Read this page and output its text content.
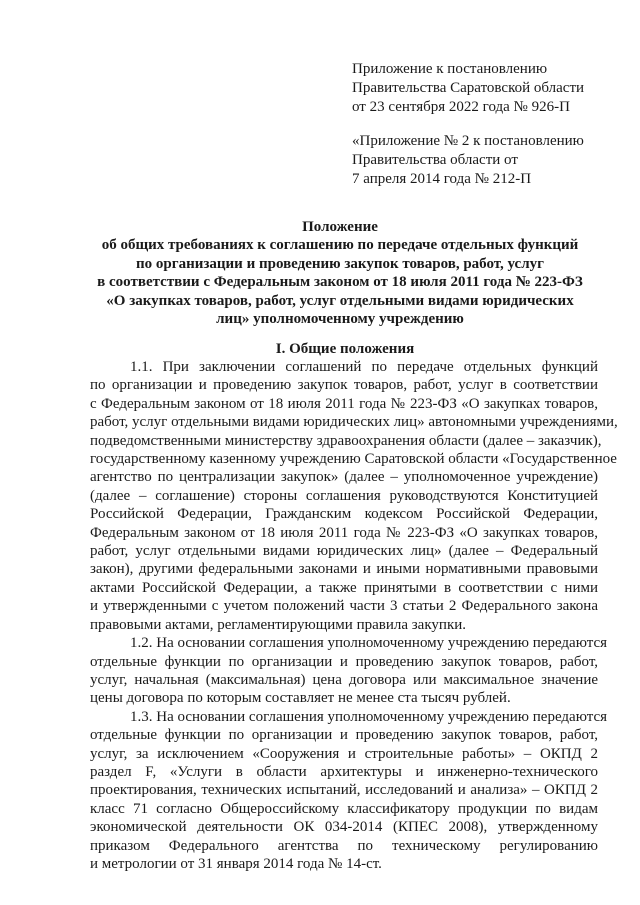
Приложение к постановлению
Правительства Саратовской области
от 23 сентября 2022 года № 926-П
«Приложение № 2 к постановлению
Правительства области от
7 апреля 2014 года № 212-П
Положение
об общих требованиях к соглашению по передаче отдельных функций
по организации и проведению закупок товаров, работ, услуг
в соответствии с Федеральным законом от 18 июля 2011 года № 223-ФЗ
«О закупках товаров, работ, услуг отдельными видами юридических
лиц» уполномоченному учреждению
I. Общие положения
1.1. При заключении соглашений по передаче отдельных функций
по организации и проведению закупок товаров, работ, услуг в соответствии
с Федеральным законом от 18 июля 2011 года № 223-ФЗ «О закупках товаров,
работ, услуг отдельными видами юридических лиц» автономными учреждениями,
подведомственными министерству здравоохранения области (далее – заказчик),
государственному казенному учреждению Саратовской области «Государственное
агентство по централизации закупок» (далее – уполномоченное учреждение)
(далее – соглашение) стороны соглашения руководствуются Конституцией
Российской Федерации, Гражданским кодексом Российской Федерации,
Федеральным законом от 18 июля 2011 года № 223-ФЗ «О закупках товаров,
работ, услуг отдельными видами юридических лиц» (далее – Федеральный
закон), другими федеральными законами и иными нормативными правовыми
актами Российской Федерации, а также принятыми в соответствии с ними
и утвержденными с учетом положений части 3 статьи 2 Федерального закона
правовыми актами, регламентирующими правила закупки.
1.2. На основании соглашения уполномоченному учреждению передаются
отдельные функции по организации и проведению закупок товаров, работ,
услуг, начальная (максимальная) цена договора или максимальное значение
цены договора по которым составляет не менее ста тысяч рублей.
1.3. На основании соглашения уполномоченному учреждению передаются
отдельные функции по организации и проведению закупок товаров, работ,
услуг, за исключением «Сооружения и строительные работы» – ОКПД 2
раздел F, «Услуги в области архитектуры и инженерно-технического
проектирования, технических испытаний, исследований и анализа» – ОКПД 2
класс 71 согласно Общероссийскому классификатору продукции по видам
экономической деятельности ОК 034-2014 (КПЕС 2008), утвержденному
приказом Федерального агентства по техническому регулированию
и метрологии от 31 января 2014 года № 14-ст.
